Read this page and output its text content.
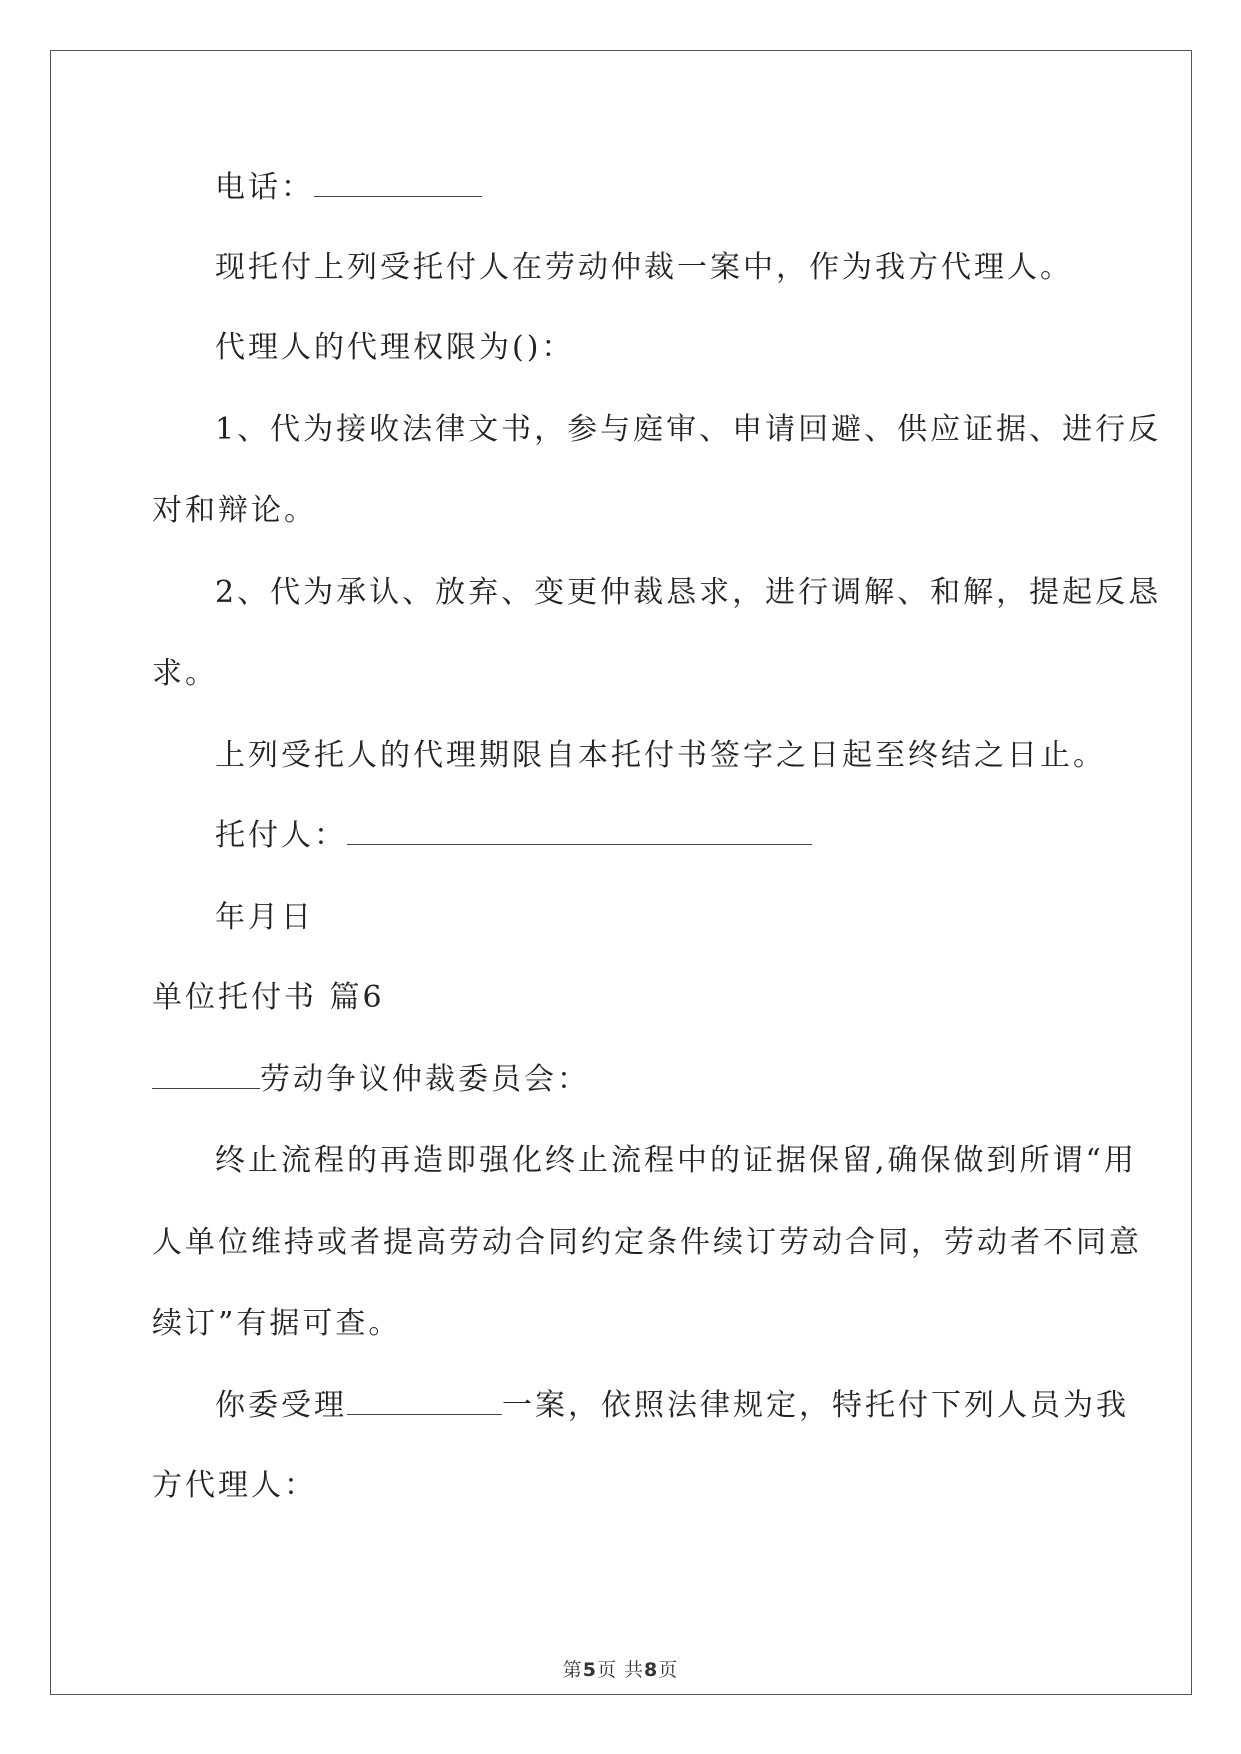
电话：
现托付上列受托付人在劳动仲裁一案中，作为我方代理人。
代理人的代理权限为()：
1、代为接收法律文书，参与庭审、申请回避、供应证据、进行反
对和辩论。
2、代为承认、放弃、变更仲裁恳求，进行调解、和解，提起反恳
求。
上列受托人的代理期限自本托付书签字之日起至终结之日止。
托付人：
年月日
单位托付书 篇6
劳动争议仲裁委员会：
终止流程的再造即强化终止流程中的证据保留,确保做到所谓“用
人单位维持或者提高劳动合同约定条件续订劳动合同，劳动者不同意
续订”有据可查。
你委受理	一案，依照法律规定，特托付下列人员为我
方代理人：
第5页 共8页
